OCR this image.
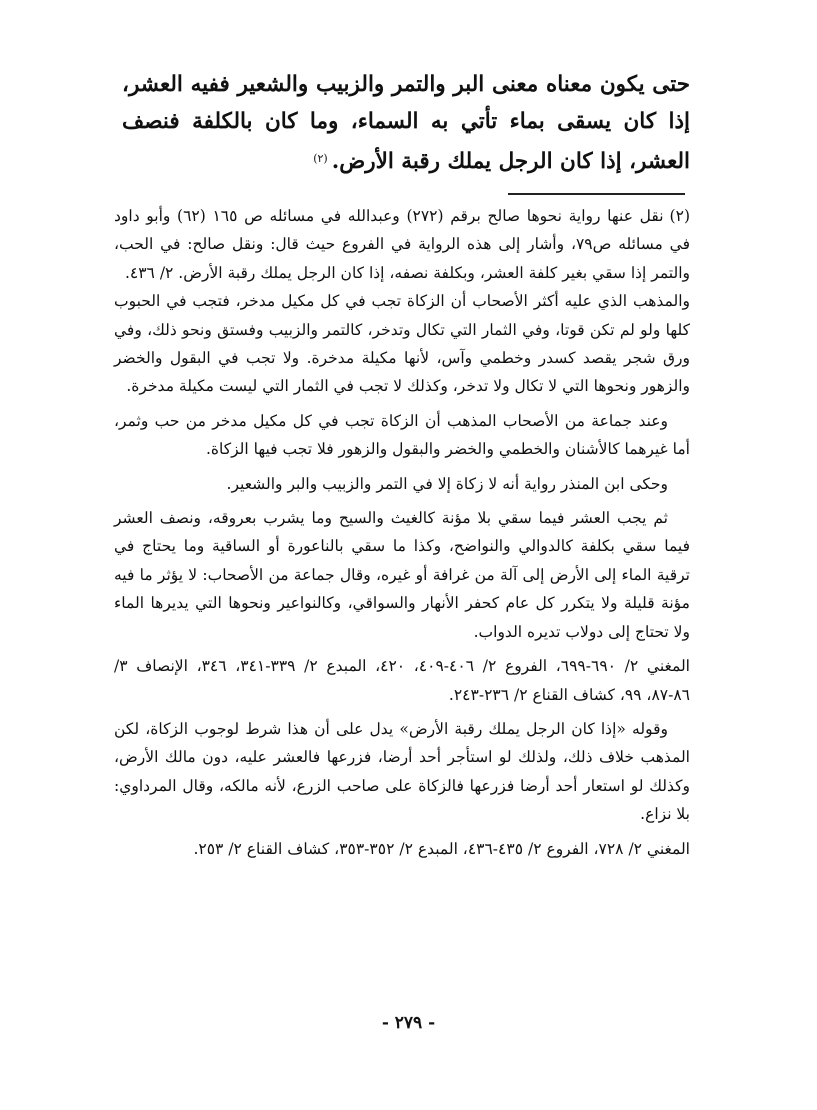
حتى يكون معناه معنى البر والتمر والزبيب والشعير ففيه العشر، إذا كان يسقى بماء تأتي به السماء، وما كان بالكلفة فنصف العشر، إذا كان الرجل يملك رقبة الأرض.$^{(٢)}$

(٢)نقل عنها رواية نحوها صالح برقم (٢٧٢) وعبدالله في مسائله ص ١٦٥ (٦٢) وأبو داود في مسائله ص٧٩، وأشار إلى هذه الرواية في الفروع حيث قال: ونقل صالح: في الحب، والتمر إذا سقي بغير كلفة العشر، وبكلفة نصفه، إذا كان الرجل يملك رقبة الأرض. ٢/ ٤٣٦.

والمذهب الذي عليه أكثر الأصحاب أن الزكاة تجب في كل مكيل مدخر، فتجب في الحبوب كلها ولو لم تكن قوتا، وفي الثمار التي تكال وتدخر، كالتمر والزبيب وفستق ونحو ذلك، وفي ورق شجر يقصد كسدر وخطمي وآس، لأنها مكيلة مدخرة. ولا تجب في البقول والخضر والزهور ونحوها التي لا تكال ولا تدخر، وكذلك لا تجب في الثمار التي ليست مكيلة مدخرة.

وعند جماعة من الأصحاب المذهب أن الزكاة تجب في كل مكيل مدخر من حب وثمر، أما غيرهما كالأشنان والخطمي والخضر والبقول والزهور فلا تجب فيها الزكاة.

وحكى ابن المنذر رواية أنه لا زكاة إلا في التمر والزبيب والبر والشعير.

ثم يجب العشر فيما سقي بلا مؤنة كالغيث والسيح وما يشرب بعروقه، ونصف العشر فيما سقي بكلفة كالدوالي والنواضح، وكذا ما سقي بالناعورة أو الساقية وما يحتاج في ترقية الماء إلى الأرض إلى آلة من غرافة أو غيره، وقال جماعة من الأصحاب: لا يؤثر ما فيه مؤنة قليلة ولا يتكرر كل عام كحفر الأنهار والسواقي، وكالنواعير ونحوها التي يديرها الماء ولا تحتاج إلى دولاب تديره الدواب.

المغني ٢/ ٦٩٠-٦٩٩، الفروع ٢/ ٤٠٦-٤٠٩، ٤٢٠، المبدع ٢/ ٣٣٩-٣٤١، ٣٤٦، الإنصاف ٣/ ٨٦-٨٧، ٩٩، كشاف القناع ٢/ ٢٣٦-٢٤٣.

وقوله «إذا كان الرجل يملك رقبة الأرض» يدل على أن هذا شرط لوجوب الزكاة، لكن المذهب خلاف ذلك، ولذلك لو استأجر أحد أرضا، فزرعها فالعشر عليه، دون مالك الأرض، وكذلك لو استعار أحد أرضا فزرعها فالزكاة على صاحب الزرع، لأنه مالكه، وقال المرداوي: بلا نزاع.

المغني ٢/ ٧٢٨، الفروع ٢/ ٤٣٥-٤٣٦، المبدع ٢/ ٣٥٢-٣٥٣، كشاف القناع ٢/ ٢٥٣.

- ٢٧٩ -
